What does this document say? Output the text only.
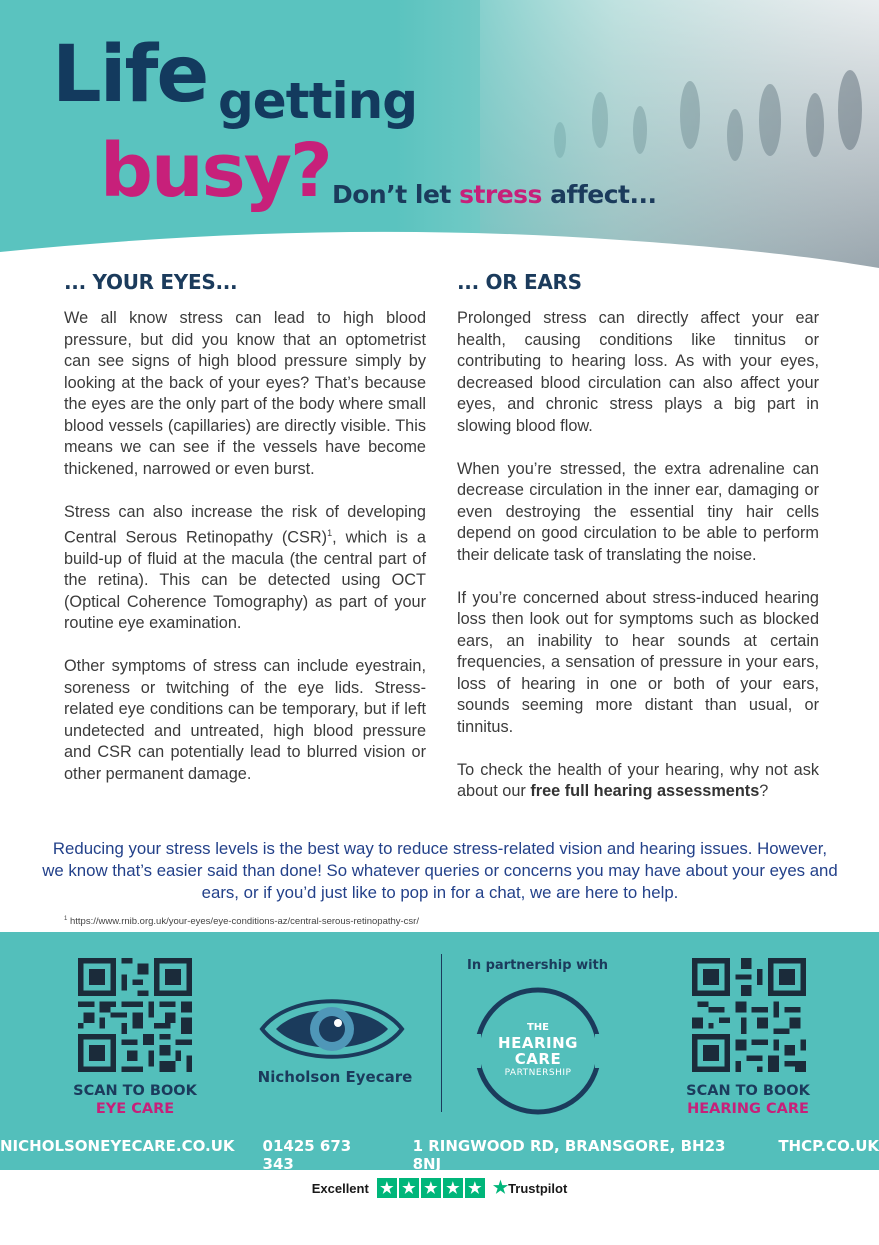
Life getting
busy? Don’t let stress affect...
... YOUR EYES...

We all know stress can lead to high blood pressure, but did you know that an optometrist can see signs of high blood pressure simply by looking at the back of your eyes? That’s because the eyes are the only part of the body where small blood vessels (capillaries) are directly visible. This means we can see if the vessels have become thickened, narrowed or even burst.

Stress can also increase the risk of developing Central Serous Retinopathy (CSR)$^1$, which is a build-up of fluid at the macula (the central part of the retina). This can be detected using OCT (Optical Coherence Tomography) as part of your routine eye examination.

Other symptoms of stress can include eyestrain, soreness or twitching of the eye lids. Stress-related eye conditions can be temporary, but if left undetected and untreated, high blood pressure and CSR can potentially lead to blurred vision or other permanent damage.

... OR EARS

Prolonged stress can directly affect your ear health, causing conditions like tinnitus or contributing to hearing loss. As with your eyes, decreased blood circulation can also affect your eyes, and chronic stress plays a big part in slowing blood flow.

When you’re stressed, the extra adrenaline can decrease circulation in the inner ear, damaging or even destroying the essential tiny hair cells depend on good circulation to be able to perform their delicate task of translating the noise.

If you’re concerned about stress-induced hearing loss then look out for symptoms such as blocked ears, an inability to hear sounds at certain frequencies, a sensation of pressure in your ears, loss of hearing in one or both of your ears, sounds seeming more distant than usual, or tinnitus.

To check the health of your hearing, why not ask about our free full hearing assessments?

Reducing your stress levels is the best way to reduce stress-related vision and hearing issues. However, we know that’s easier said than done! So whatever queries or concerns you may have about your eyes and ears, or if you’d just like to pop in for a chat, we are here to help.
$^1$ https://www.rnib.org.uk/your-eyes/eye-conditions-az/central-serous-retinopathy-csr/
SCAN TO BOOK
EYE CARE
Nicholson Eyecare
In partnership with
THE
HEARING
CARE
PARTNERSHIP
SCAN TO BOOK
HEARING CARE
NICHOLSONEYECARE.CO.UK 01425 673 343
1 RINGWOOD RD, BRANSGORE, BH23 8NJ
THCP.CO.UK
Excellent ★ ★ ★ ★ ★ ★Trustpilot
